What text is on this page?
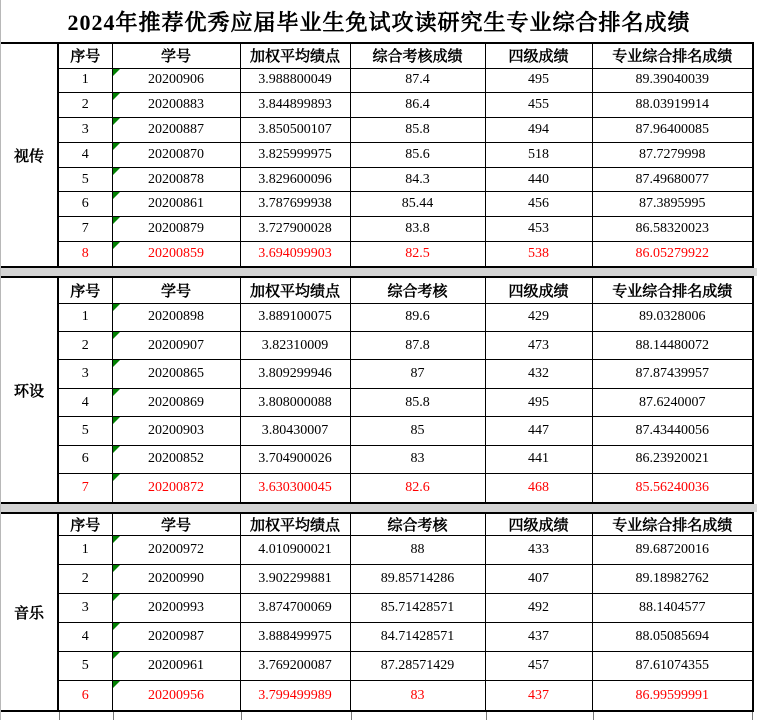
2024年推荐优秀应届毕业生免试攻读研究生专业综合排名成绩
视传
序号	学号	加权平均绩点	综合考核成绩	四级成绩	专业综合排名成绩
1	20200906	3.988800049	87.4	495	89.39040039
2	20200883	3.844899893	86.4	455	88.03919914
3	20200887	3.850500107	85.8	494	87.96400085
4	20200870	3.825999975	85.6	518	87.7279998
5	20200878	3.829600096	84.3	440	87.49680077
6	20200861	3.787699938	85.44	456	87.3895995
7	20200879	3.727900028	83.8	453	86.58320023
8	20200859	3.694099903	82.5	538	86.05279922
环设
序号	学号	加权平均绩点	综合考核	四级成绩	专业综合排名成绩
1	20200898	3.889100075	89.6	429	89.0328006
2	20200907	3.82310009	87.8	473	88.14480072
3	20200865	3.809299946	87	432	87.87439957
4	20200869	3.808000088	85.8	495	87.6240007
5	20200903	3.80430007	85	447	87.43440056
6	20200852	3.704900026	83	441	86.23920021
7	20200872	3.630300045	82.6	468	85.56240036
音乐
序号	学号	加权平均绩点	综合考核	四级成绩	专业综合排名成绩
1	20200972	4.010900021	88	433	89.68720016
2	20200990	3.902299881	89.85714286	407	89.18982762
3	20200993	3.874700069	85.71428571	492	88.1404577
4	20200987	3.888499975	84.71428571	437	88.05085694
5	20200961	3.769200087	87.28571429	457	87.61074355
6	20200956	3.799499989	83	437	86.99599991
